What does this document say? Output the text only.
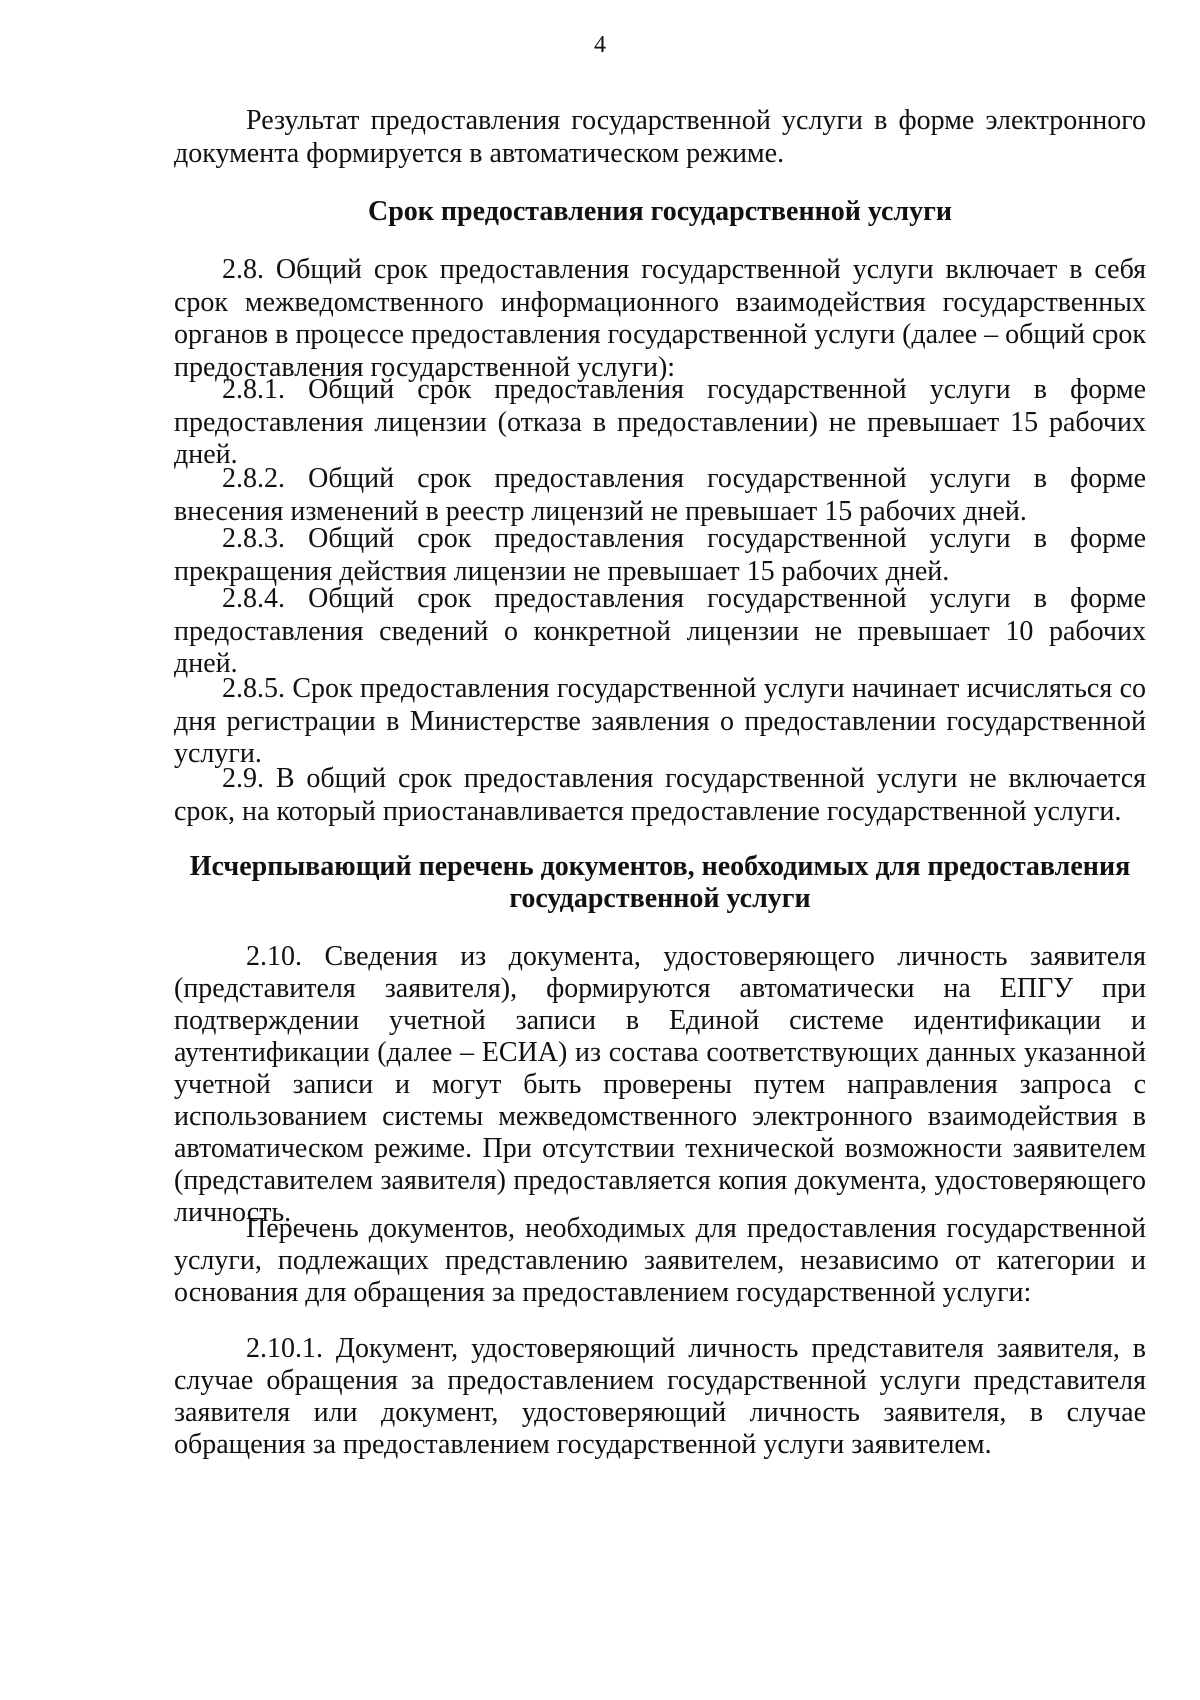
4

Результат предоставления государственной услуги в форме электронного документа формируется в автоматическом режиме.

Срок предоставления государственной услуги

2.8. Общий срок предоставления государственной услуги включает в себя срок межведомственного информационного взаимодействия государственных органов в процессе предоставления государственной услуги (далее – общий срок предоставления государственной услуги):

2.8.1. Общий срок предоставления государственной услуги в форме предоставления лицензии (отказа в предоставлении) не превышает 15 рабочих дней.

2.8.2. Общий срок предоставления государственной услуги в форме внесения изменений в реестр лицензий не превышает 15 рабочих дней.

2.8.3. Общий срок предоставления государственной услуги в форме прекращения действия лицензии не превышает 15 рабочих дней.

2.8.4. Общий срок предоставления государственной услуги в форме предоставления сведений о конкретной лицензии не превышает 10 рабочих дней.

2.8.5. Срок предоставления государственной услуги начинает исчисляться со дня регистрации в Министерстве заявления о предоставлении государственной услуги.

2.9. В общий срок предоставления государственной услуги не включается срок, на который приостанавливается предоставление государственной услуги.

Исчерпывающий перечень документов, необходимых для предоставления
государственной услуги

2.10. Сведения из документа, удостоверяющего личность заявителя (представителя заявителя), формируются автоматически на ЕПГУ при подтверждении учетной записи в Единой системе идентификации и аутентификации (далее – ЕСИА) из состава соответствующих данных указанной учетной записи и могут быть проверены путем направления запроса с использованием системы межведомственного электронного взаимодействия в автоматическом режиме. При отсутствии технической возможности заявителем (представителем заявителя) предоставляется копия документа, удостоверяющего личность.

Перечень документов, необходимых для предоставления государственной услуги, подлежащих представлению заявителем, независимо от категории и основания для обращения за предоставлением государственной услуги:

2.10.1. Документ, удостоверяющий личность представителя заявителя, в случае обращения за предоставлением государственной услуги представителя заявителя или документ, удостоверяющий личность заявителя, в случае обращения за предоставлением государственной услуги заявителем.
